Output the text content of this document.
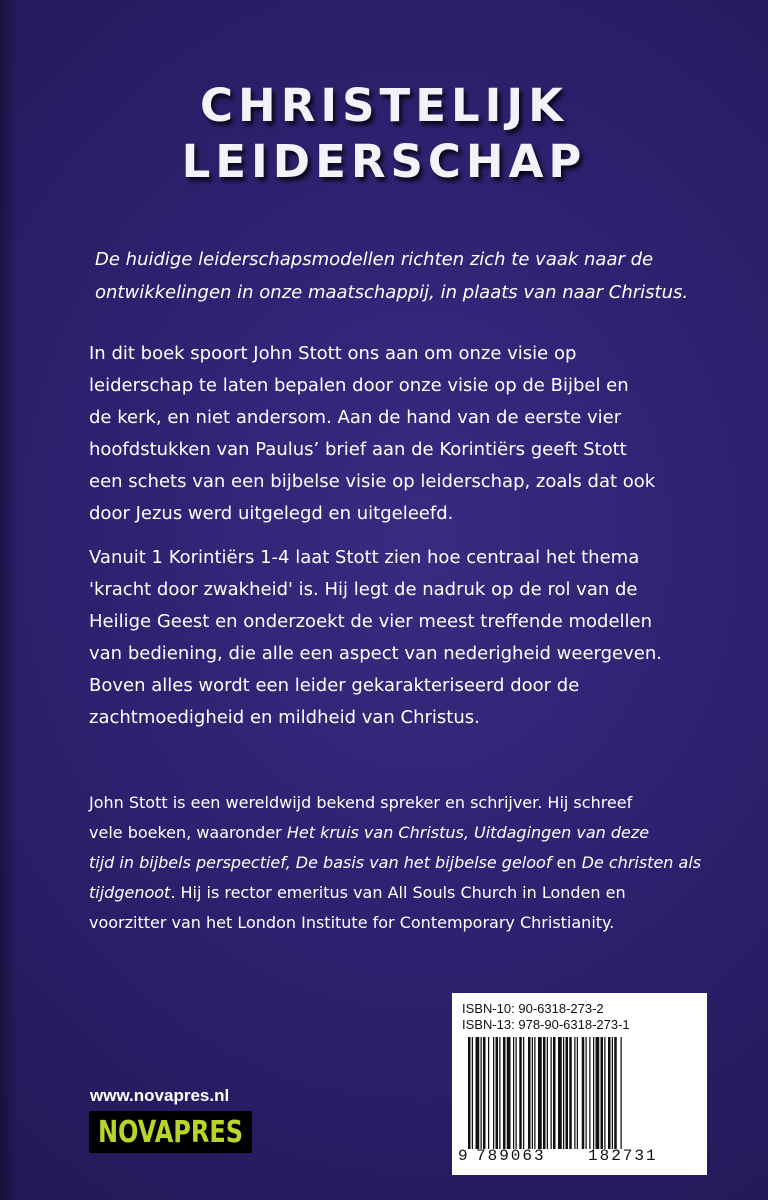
CHRISTELIJK
LEIDERSCHAP
De huidige leiderschapsmodellen richten zich te vaak naar de
ontwikkelingen in onze maatschappij, in plaats van naar Christus.
In dit boek spoort John Stott ons aan om onze visie op
leiderschap te laten bepalen door onze visie op de Bijbel en
de kerk, en niet andersom. Aan de hand van de eerste vier
hoofdstukken van Paulus’ brief aan de Korintiërs geeft Stott
een schets van een bijbelse visie op leiderschap, zoals dat ook
door Jezus werd uitgelegd en uitgeleefd.
Vanuit 1 Korintiërs 1-4 laat Stott zien hoe centraal het thema
'kracht door zwakheid' is. Hij legt de nadruk op de rol van de
Heilige Geest en onderzoekt de vier meest treffende modellen
van bediening, die alle een aspect van nederigheid weergeven.
Boven alles wordt een leider gekarakteriseerd door de
zachtmoedigheid en mildheid van Christus.
John Stott is een wereldwijd bekend spreker en schrijver. Hij schreef
vele boeken, waaronder Het kruis van Christus, Uitdagingen van deze
tijd in bijbels perspectief, De basis van het bijbelse geloof en De christen als
tijdgenoot. Hij is rector emeritus van All Souls Church in Londen en
voorzitter van het London Institute for Contemporary Christianity.
ISBN-10: 90-6318-273-2
ISBN-13: 978-90-6318-273-1
9 789063	182731
www.novapres.nl
NOVAPRES
